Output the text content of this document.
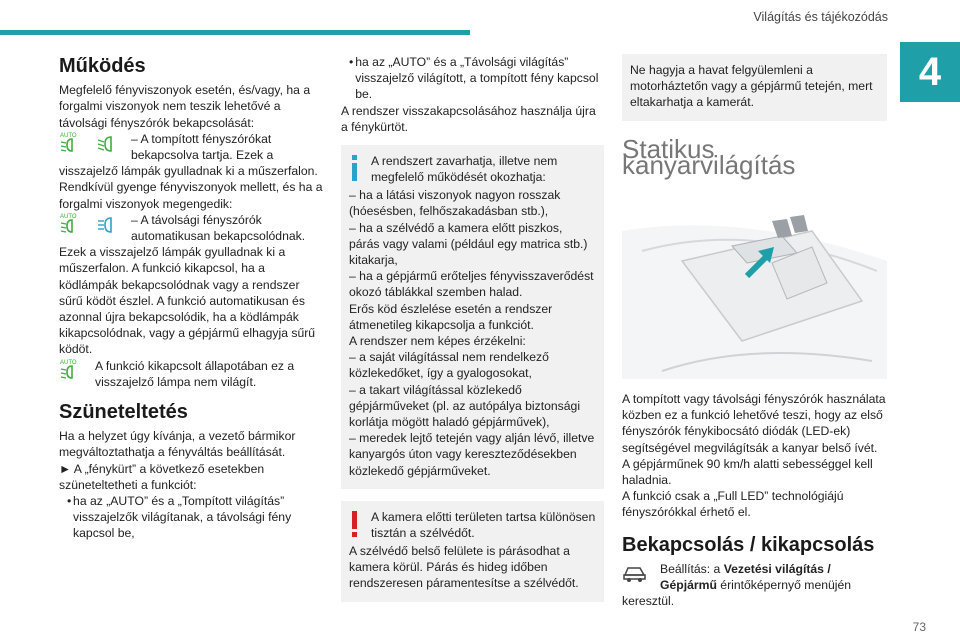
Világítás és tájékozódás
4
Működés

Megfelelő fényviszonyok esetén, és/vagy, ha a forgalmi viszonyok nem teszik lehetővé a távolsági fényszórók bekapcsolását:

AUTO	– A tompított fényszórókat bekapcsolva tartja. Ezek a

visszajelző lámpák gyulladnak ki a műszerfalon. Rendkívül gyenge fényviszonyok mellett, és ha a forgalmi viszonyok megengedik:

AUTO	– A távolsági fényszórók automatikusan bekapcsolódnak.

Ezek a visszajelző lámpák gyulladnak ki a műszerfalon. A funkció kikapcsol, ha a ködlámpák bekapcsolódnak vagy a rendszer sűrű ködöt észlel. A funkció automatikusan és azonnal újra bekapcsolódik, ha a ködlámpák kikapcsolódnak, vagy a gépjármű elhagyja sűrű ködöt.

AUTO A funkció kikapcsolt állapotában ez a visszajelző lámpa nem világít.

Szüneteltetés

Ha a helyzet úgy kívánja, a vezető bármikor megváltoztathatja a fényváltás beállítását.

► A „fénykürt” a következő esetekben szüneteltetheti a funkciót:

• ha az „AUTO” és a „Tompított világítás” visszajelzők világítanak, a távolsági fény kapcsol be,

• ha az „AUTO” és a „Távolsági világítás” visszajelző világított, a tompított fény kapcsol be.

A rendszer visszakapcsolásához használja újra a fénykürtöt.

A rendszert zavarhatja, illetve nem megfelelő működését okozhatja:

– ha a látási viszonyok nagyon rosszak (hóesésben, felhőszakadásban stb.),
– ha a szélvédő a kamera előtt piszkos, párás vagy valami (például egy matrica stb.) kitakarja,
– ha a gépjármű erőteljes fényvisszaverődést okozó táblákkal szemben halad.
Erős köd észlelése esetén a rendszer átmenetileg kikapcsolja a funkciót.
A rendszer nem képes érzékelni:
– a saját világítással nem rendelkező közlekedőket, így a gyalogosokat,
– a takart világítással közlekedő gépjárműveket (pl. az autópálya biztonsági korlátja mögött haladó gépjárművek),
– meredek lejtő tetején vagy alján lévő, illetve kanyargós úton vagy kereszteződésekben közlekedő gépjárműveket.

A kamera előtti területen tartsa különösen tisztán a szélvédőt.

A szélvédő belső felülete is párásodhat a kamera körül. Párás és hideg időben rendszeresen páramentesítse a szélvédőt.

Ne hagyja a havat felgyülemleni a motorháztetőn vagy a gépjármű tetején, mert eltakarhatja a kamerát.

Statikus kanyarvilágítás

A tompított vagy távolsági fényszórók használata közben ez a funkció lehetővé teszi, hogy az első fényszórók fénykibocsátó diódák (LED-ek) segítségével megvilágítsák a kanyar belső ívét.
A gépjárműnek 90 km/h alatti sebességgel kell haladnia.
A funkció csak a „Full LED” technológiájú fényszórókkal érhető el.

Bekapcsolás / kikapcsolás

Beállítás: a Vezetési világítás / Gépjármű érintőképernyő menüjén

keresztül.

73
